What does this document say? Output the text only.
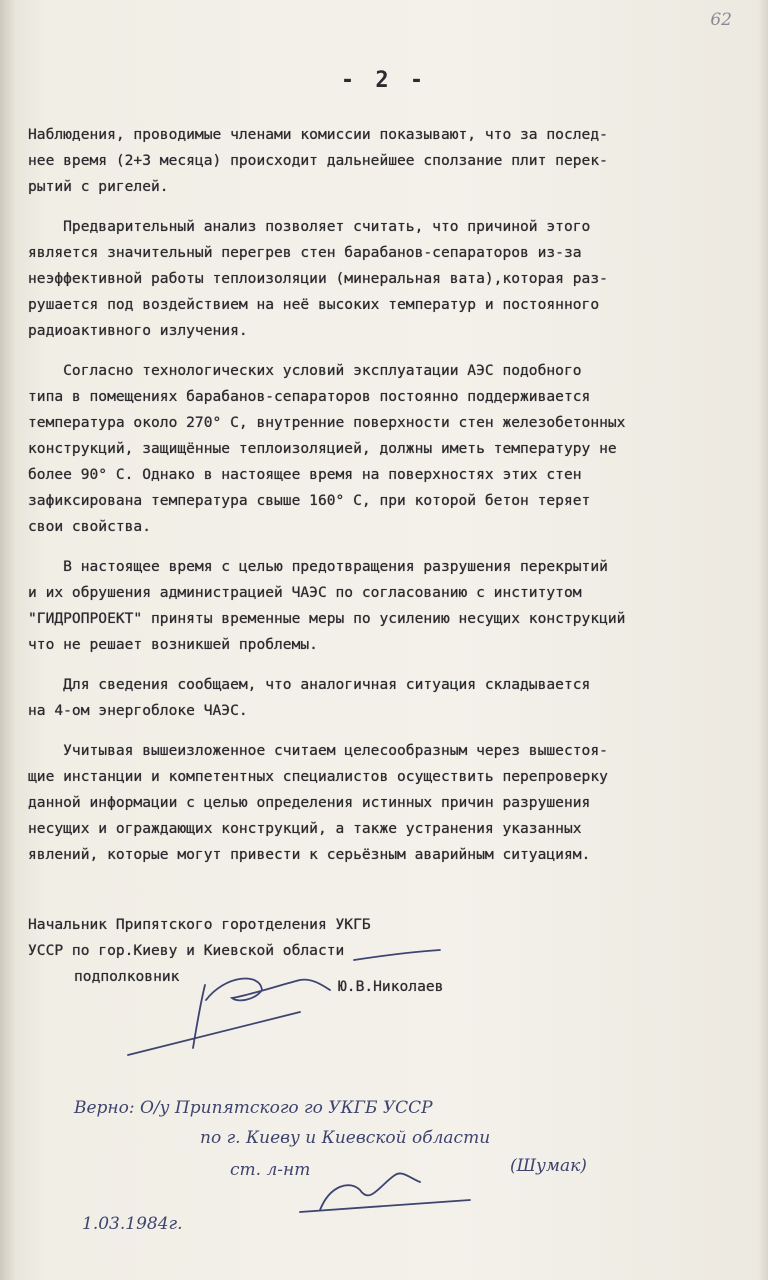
62
- 2 -
Наблюдения, проводимые членами комиссии показывают, что за послед-
нее время (2+3 месяца) происходит дальнейшее сползание плит перек-
рытий с ригелей.
Предварительный анализ позволяет считать, что причиной этого
является значительный перегрев стен барабанов-сепараторов из-за
неэффективной работы теплоизоляции (минеральная вата),которая раз-
рушается под воздействием на неё высоких температур и постоянного
радиоактивного излучения.
Согласно технологических условий эксплуатации АЭС подобного
типа в помещениях барабанов-сепараторов постоянно поддерживается
температура около 270° С, внутренние поверхности стен железобетонных
конструкций, защищённые теплоизоляцией, должны иметь температуру не
более 90° С. Однако в настоящее время на поверхностях этих стен
зафиксирована температура свыше 160° С, при которой бетон теряет
свои свойства.
В настоящее время с целью предотвращения разрушения перекрытий
и их обрушения администрацией ЧАЭС по согласованию с институтом
"ГИДРОПРОЕКТ" приняты временные меры по усилению несущих конструкций
что не решает возникшей проблемы.
Для сведения сообщаем, что аналогичная ситуация складывается
на 4-ом энергоблоке ЧАЭС.
Учитывая вышеизложенное считаем целесообразным через вышестоя-
щие инстанции и компетентных специалистов осуществить перепроверку
данной информации с целью определения истинных причин разрушения
несущих и ограждающих конструкций, а также устранения указанных
явлений, которые могут привести к серьёзным аварийным ситуациям.
Начальник Припятского горотделения УКГБ
УССР по гор.Киеву и Киевской области
подполковник
Ю.В.Николаев
Верно: О/у Припятского го УКГБ УССР
по г. Киеву и Киевской области
ст. л-нт	(Шумак)
1.03.1984г.
